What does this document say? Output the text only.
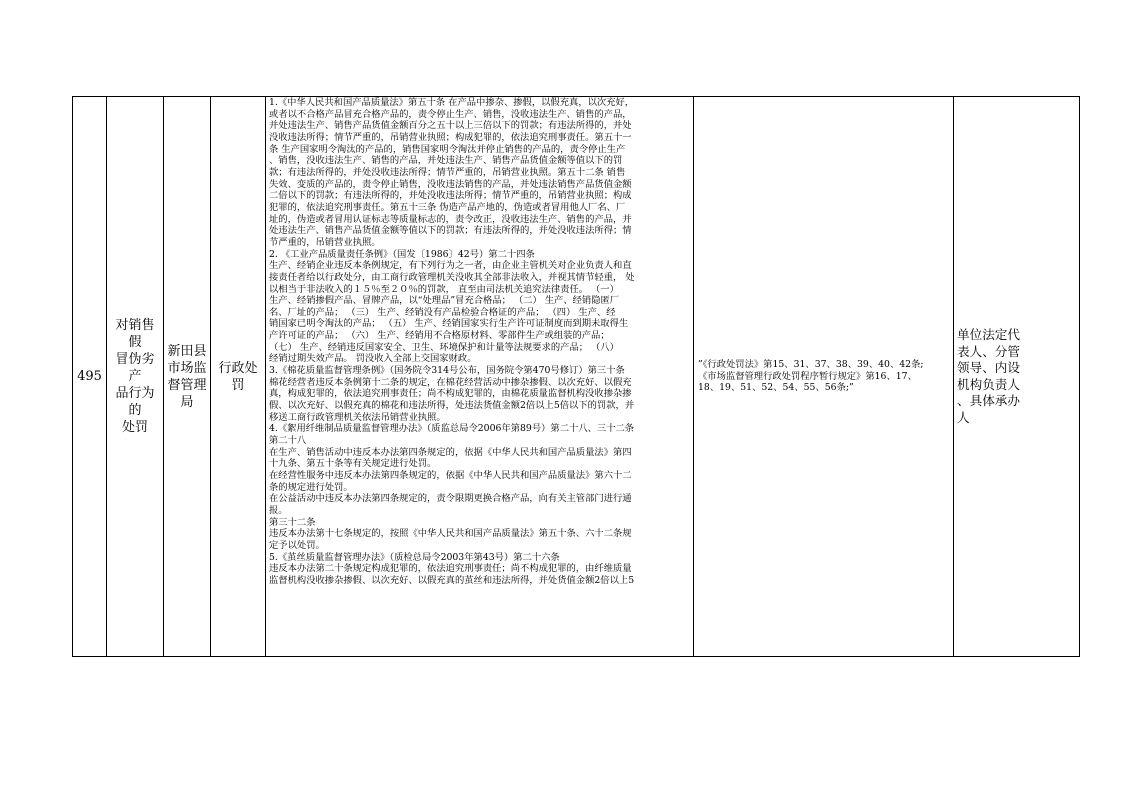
495	
对销售假
冒伪劣产
品行为的
处罚

新田县
市场监
督管理
局

行政处
罚

1.《中华人民共和国产品质量法》第五十条 在产品中掺杂、掺假，以假充真，以次充好，
或者以不合格产品冒充合格产品的，责令停止生产、销售，没收违法生产、销售的产品，
并处违法生产、销售产品货值金额百分之五十以上三倍以下的罚款；有违法所得的，并处
没收违法所得；情节严重的，吊销营业执照；构成犯罪的，依法追究刑事责任。第五十一
条 生产国家明令淘汰的产品的，销售国家明令淘汰并停止销售的产品的，责令停止生产
、销售，没收违法生产、销售的产品，并处违法生产、销售产品货值金额等值以下的罚
款；有违法所得的，并处没收违法所得；情节严重的，吊销营业执照。第五十二条 销售
失效、变质的产品的，责令停止销售，没收违法销售的产品，并处违法销售产品货值金额
二倍以下的罚款；有违法所得的，并处没收违法所得；情节严重的，吊销营业执照；构成
犯罪的，依法追究刑事责任。第五十三条 伪造产品产地的，伪造或者冒用他人厂名、厂
址的，伪造或者冒用认证标志等质量标志的，责令改正，没收违法生产、销售的产品，并
处违法生产、销售产品货值金额等值以下的罚款；有违法所得的，并处没收违法所得；情
节严重的，吊销营业执照。
2. 《工业产品质量责任条例》（国发〔1986〕42号）第二十四条
生产、经销企业违反本条例规定，有下列行为之一者，由企业主管机关对企业负责人和直
接责任者给以行政处分，由工商行政管理机关没收其全部非法收入，并视其情节轻重， 处
以相当于非法收入的１５％至２０％的罚款， 直至由司法机关追究法律责任。 （一）
生产、经销掺假产品、冒牌产品，以“处理品”冒充合格品； （二） 生产、经销隐匿厂
名、厂址的产品； （三） 生产、经销没有产品检验合格证的产品； （四） 生产、经
销国家已明令淘汰的产品； （五） 生产、经销国家实行生产许可证制度而到期未取得生
产许可证的产品； （六） 生产、经销用不合格原材料、零部件生产或组装的产品；
（七） 生产、经销违反国家安全、卫生、环境保护和计量等法规要求的产品； （八）
经销过期失效产品。 罚没收入全部上交国家财政。
3.《棉花质量监督管理条例》（国务院令314号公布，国务院令第470号修订）第三十条
棉花经营者违反本条例第十二条的规定，在棉花经营活动中掺杂掺假、以次充好、以假充
真，构成犯罪的，依法追究刑事责任；尚不构成犯罪的，由棉花质量监督机构没收掺杂掺
假、以次充好、以假充真的棉花和违法所得，处违法货值金额2倍以上5倍以下的罚款，并
移送工商行政管理机关依法吊销营业执照。
4.《絮用纤维制品质量监督管理办法》（质监总局令2006年第89号）第二十八、三十二条
第二十八
在生产、销售活动中违反本办法第四条规定的，依据《中华人民共和国产品质量法》第四
十九条、第五十条等有关规定进行处罚。
在经营性服务中违反本办法第四条规定的，依据《中华人民共和国产品质量法》第六十二
条的规定进行处罚。
在公益活动中违反本办法第四条规定的，责令限期更换合格产品，向有关主管部门进行通
报。
第三十二条
违反本办法第十七条规定的，按照《中华人民共和国产品质量法》第五十条、六十二条规
定予以处罚。
5.《茧丝质量监督管理办法》（质检总局令2003年第43号）第二十六条
违反本办法第二十条规定构成犯罪的，依法追究刑事责任；尚不构成犯罪的，由纤维质量
监督机构没收掺杂掺假、以次充好、以假充真的茧丝和违法所得，并处货值金额2倍以上5

”《行政处罚法》第15、31、37、38、39、40、42条;
《市场监督管理行政处罚程序暂行规定》第16、17、
18、19、51、52、54、55、56条;”

单位法定代
表人、分管
领导、内设
机构负责人
、具体承办
人
